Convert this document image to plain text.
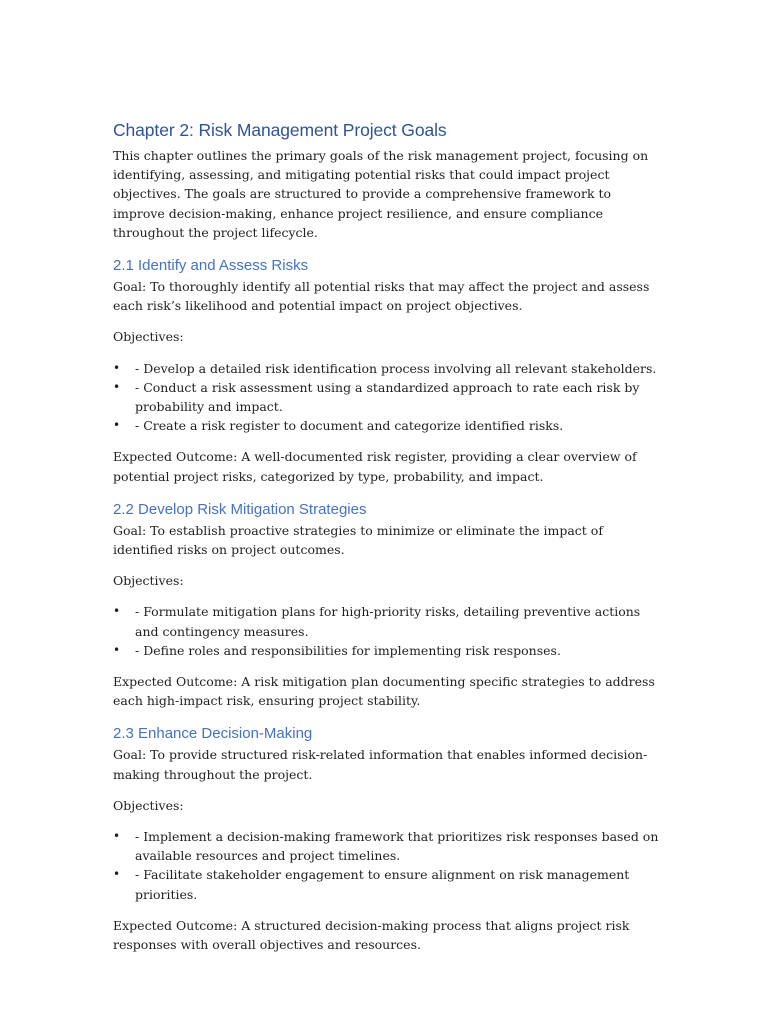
Chapter 2: Risk Management Project Goals

This chapter outlines the primary goals of the risk management project, focusing on identifying, assessing, and mitigating potential risks that could impact project objectives. The goals are structured to provide a comprehensive framework to improve decision-making, enhance project resilience, and ensure compliance throughout the project lifecycle.

2.1 Identify and Assess Risks

Goal: To thoroughly identify all potential risks that may affect the project and assess each risk’s likelihood and potential impact on project objectives.

Objectives:

• - Develop a detailed risk identification process involving all relevant stakeholders.
• - Conduct a risk assessment using a standardized approach to rate each risk by probability and impact.
• - Create a risk register to document and categorize identified risks.

Expected Outcome: A well-documented risk register, providing a clear overview of potential project risks, categorized by type, probability, and impact.

2.2 Develop Risk Mitigation Strategies

Goal: To establish proactive strategies to minimize or eliminate the impact of identified risks on project outcomes.

Objectives:

• - Formulate mitigation plans for high-priority risks, detailing preventive actions and contingency measures.
• - Define roles and responsibilities for implementing risk responses.

Expected Outcome: A risk mitigation plan documenting specific strategies to address each high-impact risk, ensuring project stability.

2.3 Enhance Decision-Making

Goal: To provide structured risk-related information that enables informed decision-making throughout the project.

Objectives:

• - Implement a decision-making framework that prioritizes risk responses based on available resources and project timelines.
• - Facilitate stakeholder engagement to ensure alignment on risk management priorities.

Expected Outcome: A structured decision-making process that aligns project risk responses with overall objectives and resources.
